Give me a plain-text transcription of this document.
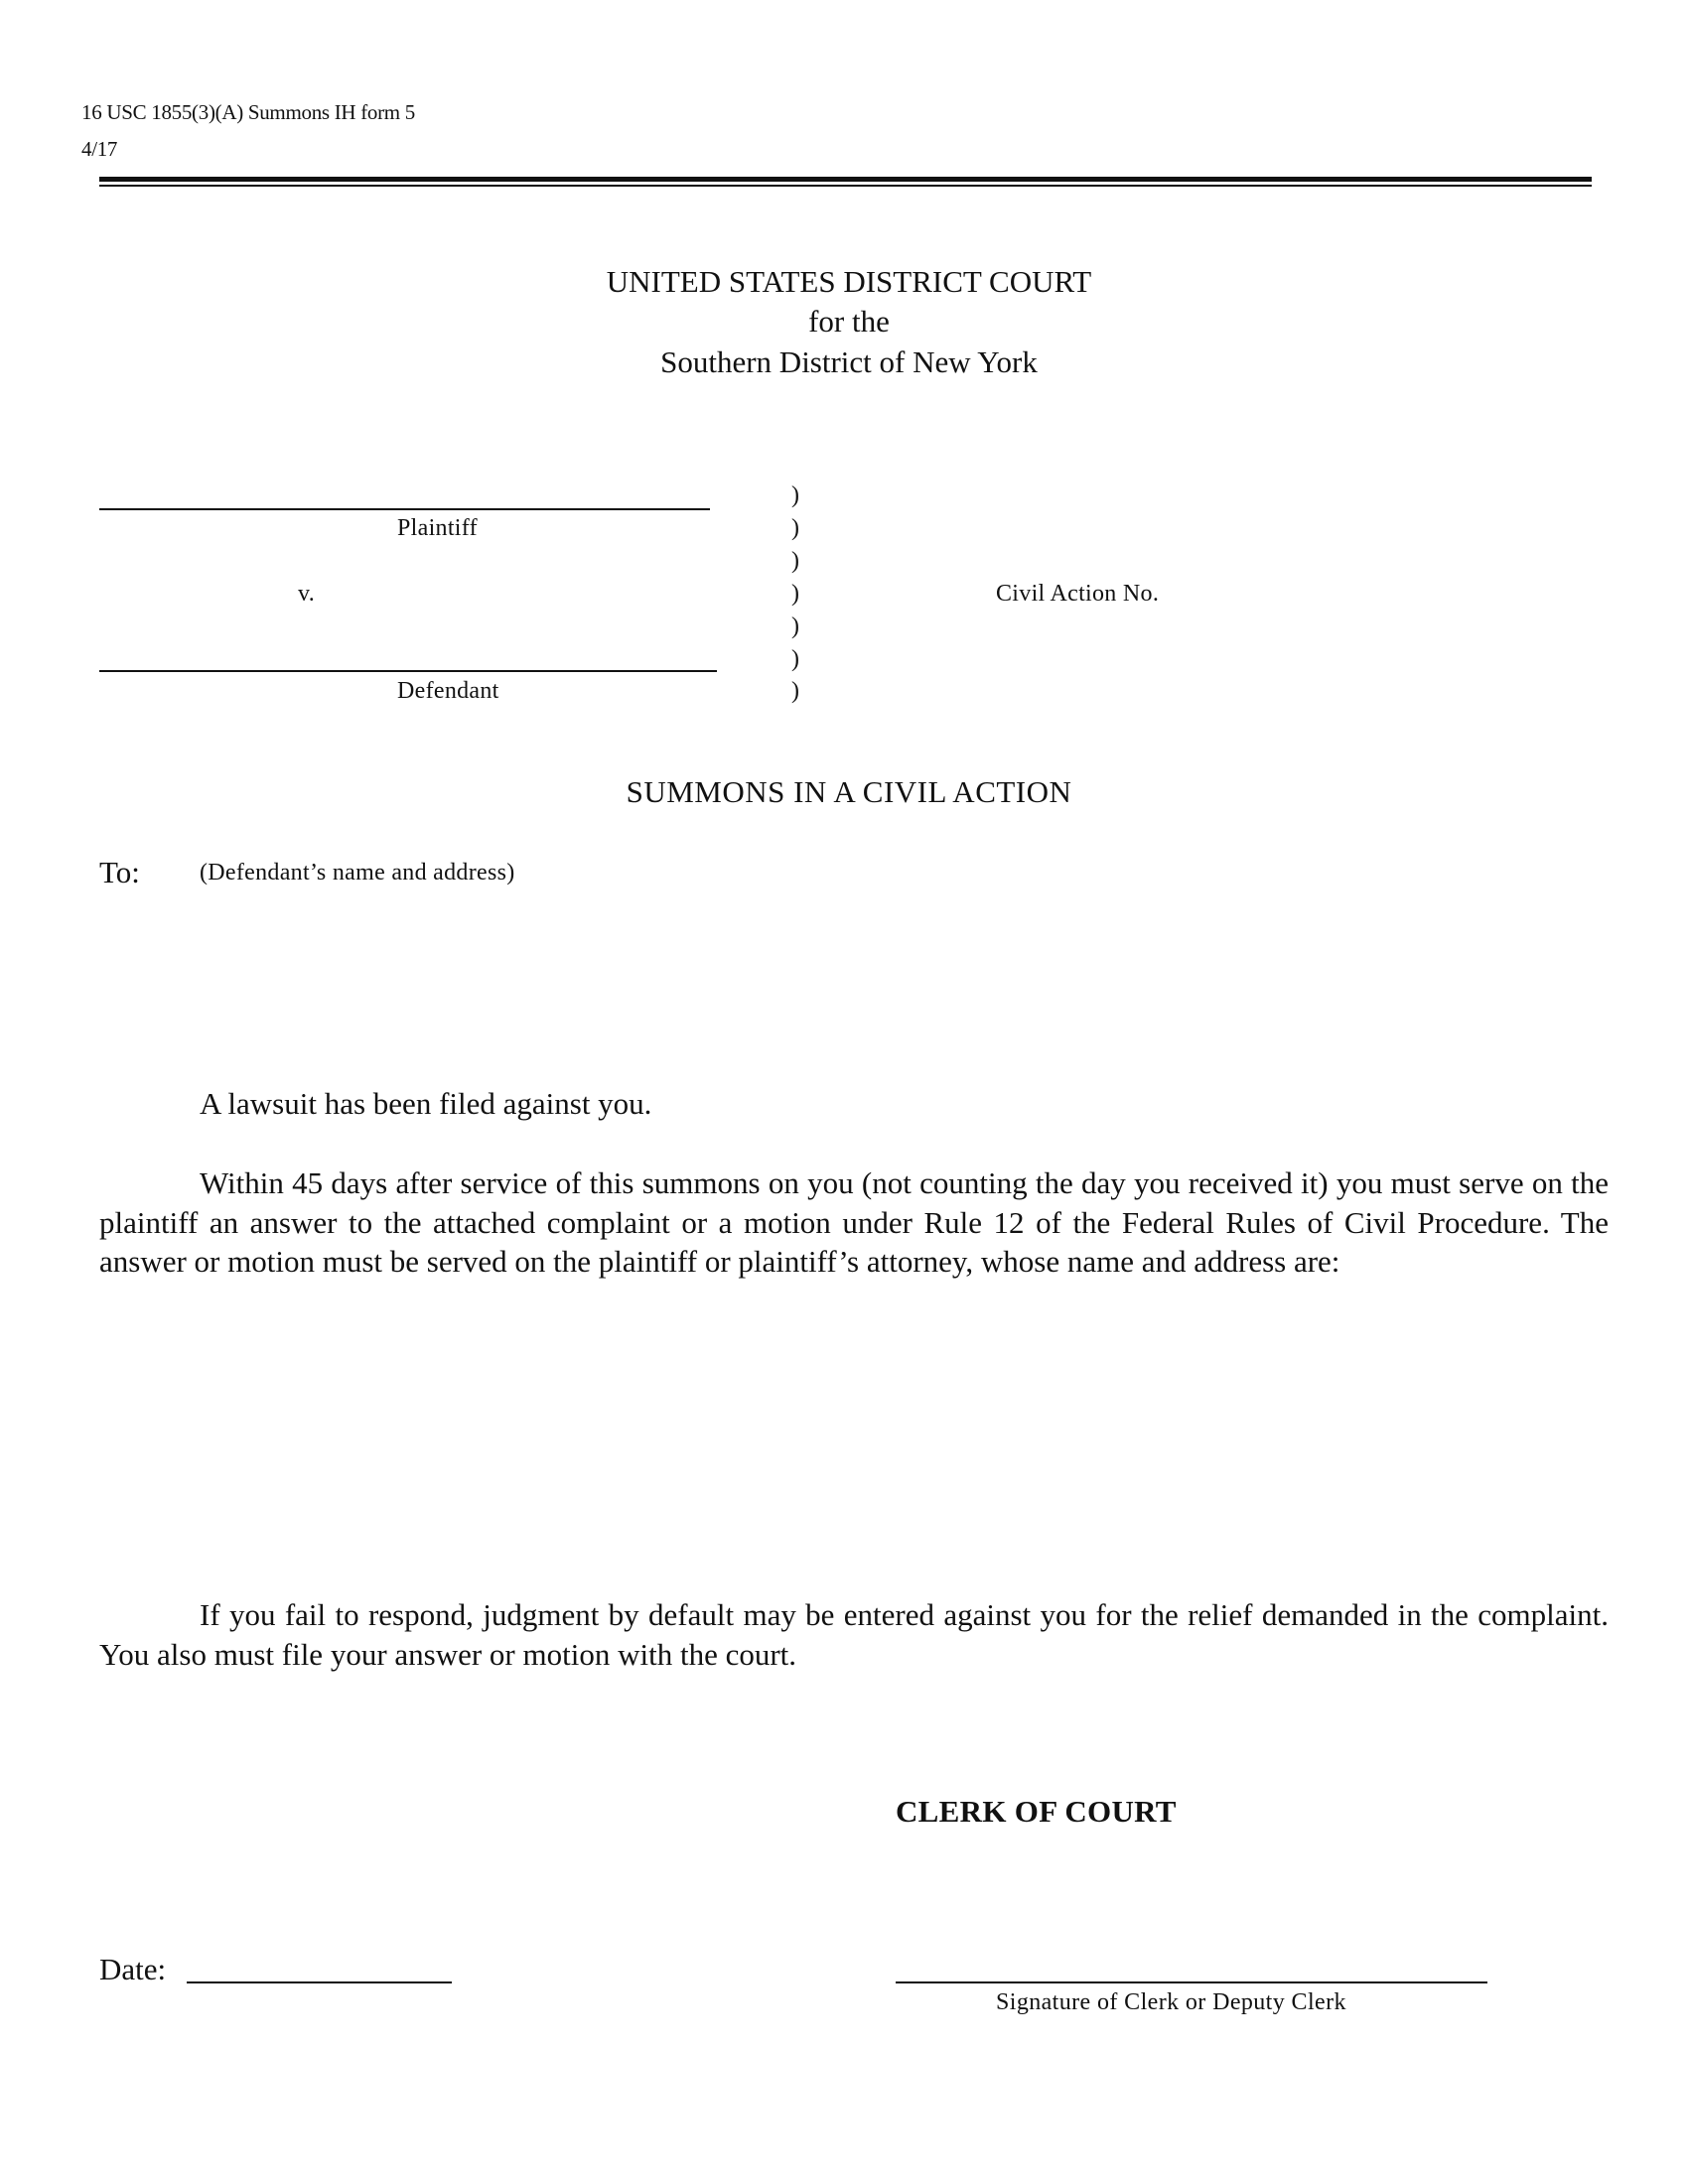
16 USC 1855(3)(A) Summons IH form 5
4/17
UNITED STATES DISTRICT COURT
for the
Southern District of New York
Plaintiff
v.
Defendant
)
)
)
)
)
)
)
Civil Action No.
SUMMONS IN A CIVIL ACTION
To:	(Defendant’s name and address)
A lawsuit has been filed against you.
Within 45 days after service of this summons on you (not counting the day you received it) you must serve on the plaintiff an answer to the attached complaint or a motion under Rule 12 of the Federal Rules of Civil Procedure. The answer or motion must be served on the plaintiff or plaintiff’s attorney, whose name and address are:
If you fail to respond, judgment by default may be entered against you for the relief demanded in the complaint. You also must file your answer or motion with the court.
CLERK OF COURT
Date:
Signature of Clerk or Deputy Clerk
